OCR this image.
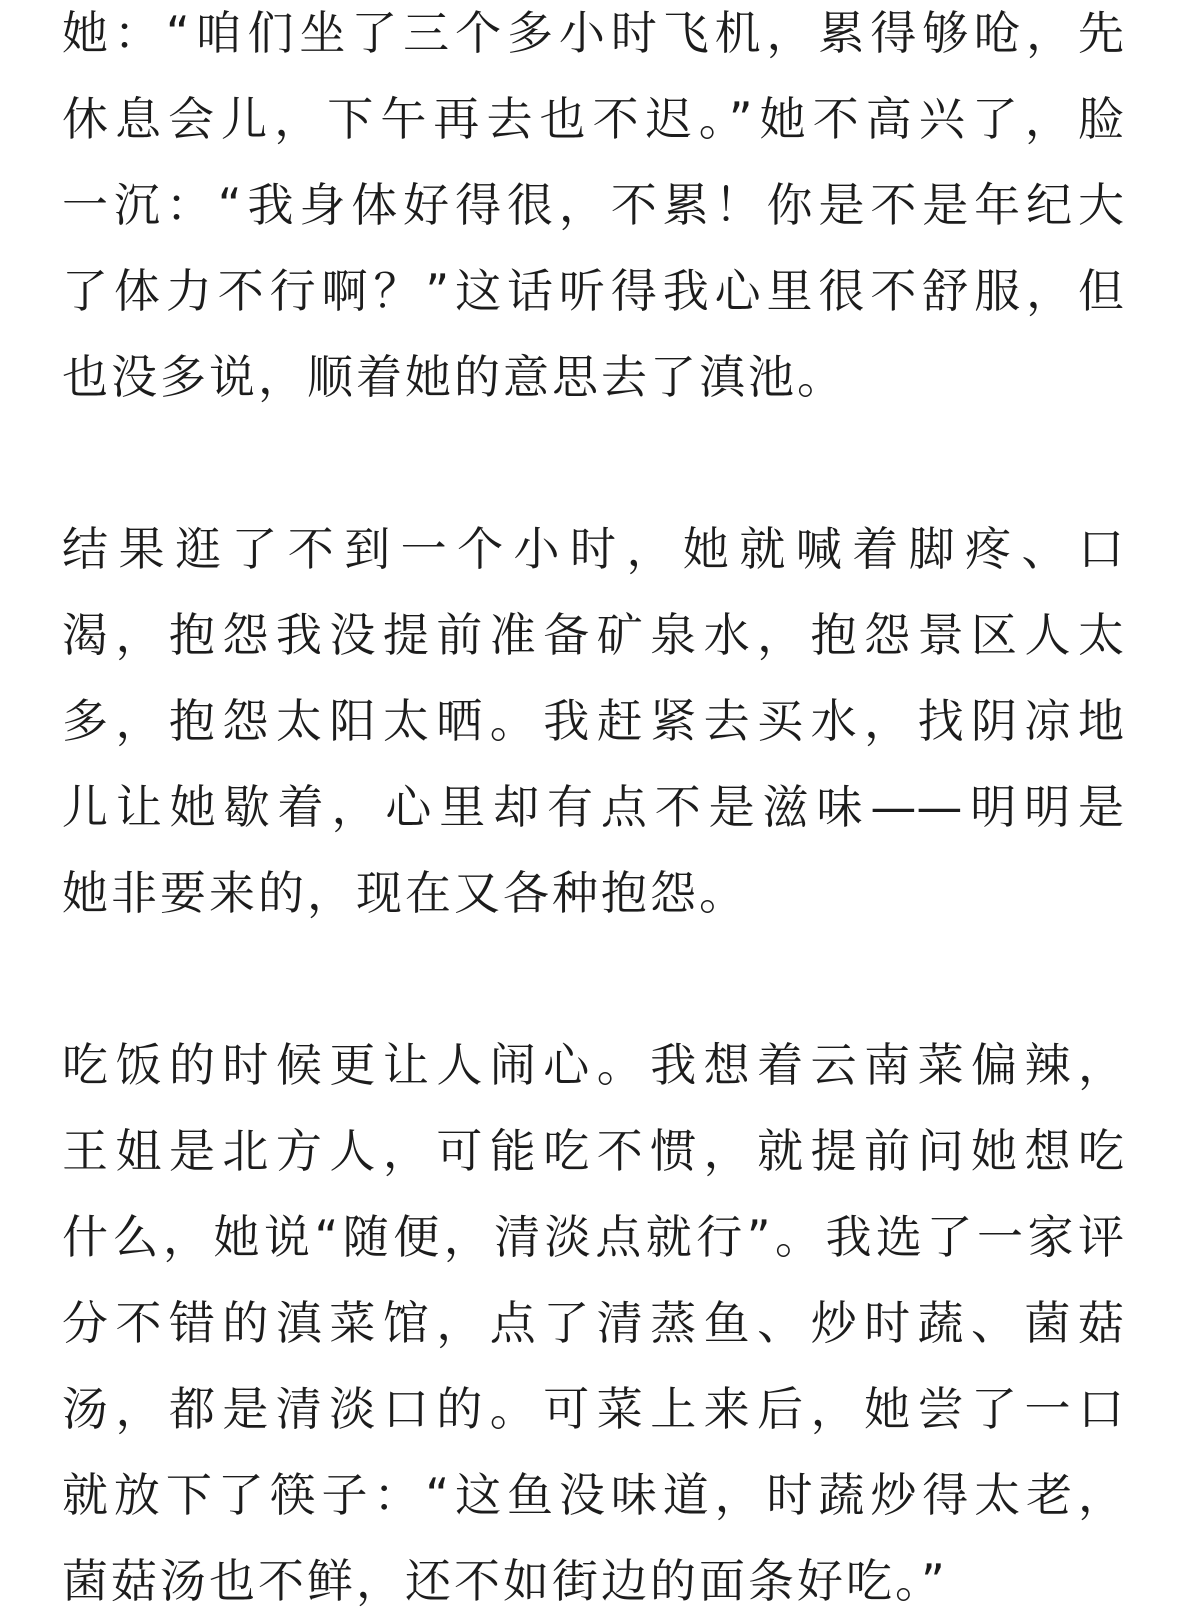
她：“咱们坐了三个多小时飞机，累得够呛，先
休息会儿，下午再去也不迟。”她不高兴了，脸
一沉：“我身体好得很，不累！你是不是年纪大
了体力不行啊？”这话听得我心里很不舒服，但
也没多说，顺着她的意思去了滇池。

结果逛了不到一个小时，她就喊着脚疼、口
渴，抱怨我没提前准备矿泉水，抱怨景区人太
多，抱怨太阳太晒。我赶紧去买水，找阴凉地
儿让她歇着，心里却有点不是滋味——明明是
她非要来的，现在又各种抱怨。

吃饭的时候更让人闹心。我想着云南菜偏辣，
王姐是北方人，可能吃不惯，就提前问她想吃
什么，她说“随便，清淡点就行”。我选了一家评
分不错的滇菜馆，点了清蒸鱼、炒时蔬、菌菇
汤，都是清淡口的。可菜上来后，她尝了一口
就放下了筷子：“这鱼没味道，时蔬炒得太老，
菌菇汤也不鲜，还不如街边的面条好吃。”
